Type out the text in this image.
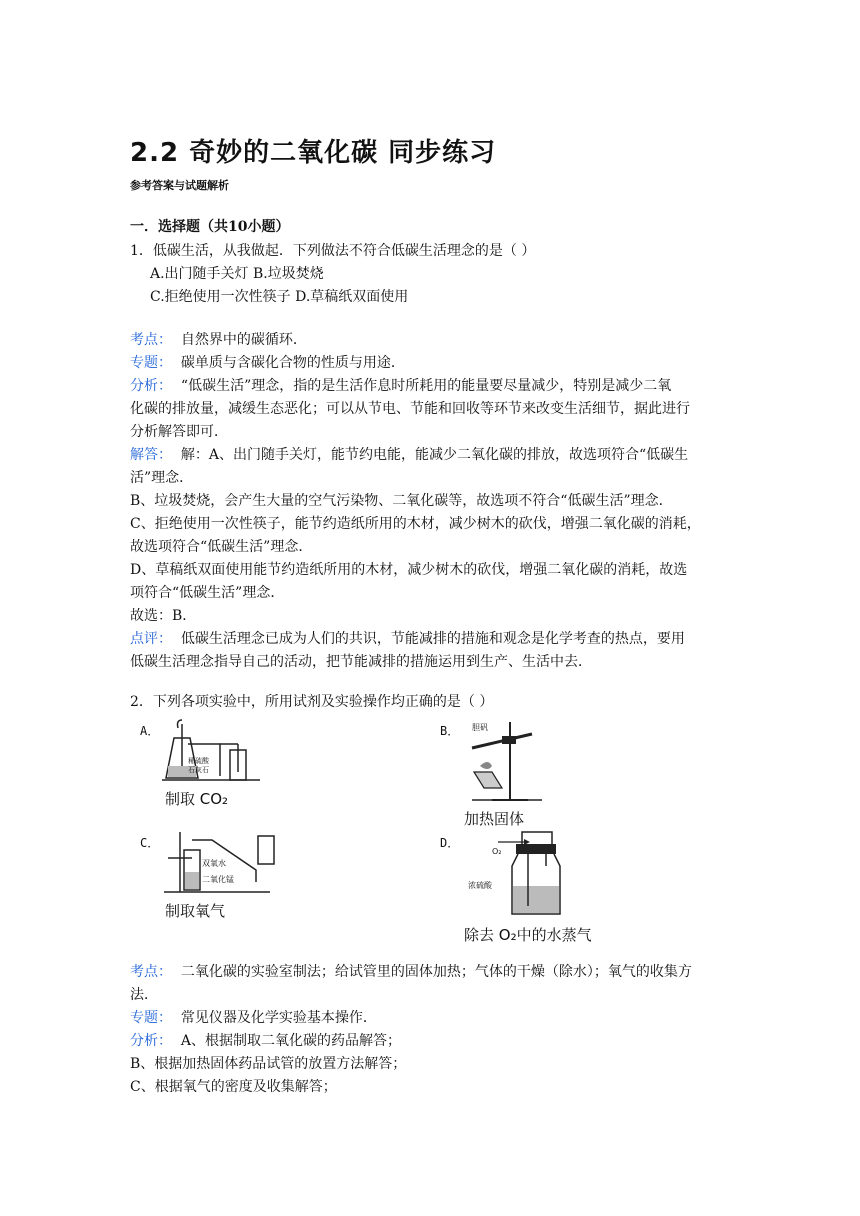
2.2 奇妙的二氧化碳 同步练习
参考答案与试题解析
一．选择题（共10小题）
1．低碳生活，从我做起．下列做法不符合低碳生活理念的是（ ）
A.出门随手关灯 B.垃圾焚烧
C.拒绝使用一次性筷子 D.草稿纸双面使用
考点： 自然界中的碳循环．
专题： 碳单质与含碳化合物的性质与用途．
分析： “低碳生活”理念，指的是生活作息时所耗用的能量要尽量减少，特别是减少二氧
化碳的排放量，减缓生态恶化；可以从节电、节能和回收等环节来改变生活细节，据此进行
分析解答即可．
解答： 解：A、出门随手关灯，能节约电能，能减少二氧化碳的排放，故选项符合“低碳生
活”理念．
B、垃圾焚烧，会产生大量的空气污染物、二氧化碳等，故选项不符合“低碳生活”理念．
C、拒绝使用一次性筷子，能节约造纸所用的木材，减少树木的砍伐，增强二氧化碳的消耗，
故选项符合“低碳生活”理念．
D、草稿纸双面使用能节约造纸所用的木材，减少树木的砍伐，增强二氧化碳的消耗，故选
项符合“低碳生活”理念．
故选：B．
点评： 低碳生活理念已成为人们的共识，节能减排的措施和观念是化学考查的热点，要用
低碳生活理念指导自己的活动，把节能减排的措施运用到生产、生活中去．
2．下列各项实验中，所用试剂及实验操作均正确的是（ ）
A．
稀硫酸
石灰石
制取 CO₂
B． 胆矾
加热固体
C．
双氧水
二氧化锰
制取氧气
D．
O₂
浓硫酸
除去 O₂中的水蒸气
考点： 二氧化碳的实验室制法；给试管里的固体加热；气体的干燥（除水）；氧气的收集方
法．
专题： 常见仪器及化学实验基本操作．
分析： A、根据制取二氧化碳的药品解答；
B、根据加热固体药品试管的放置方法解答；
C、根据氧气的密度及收集解答；
